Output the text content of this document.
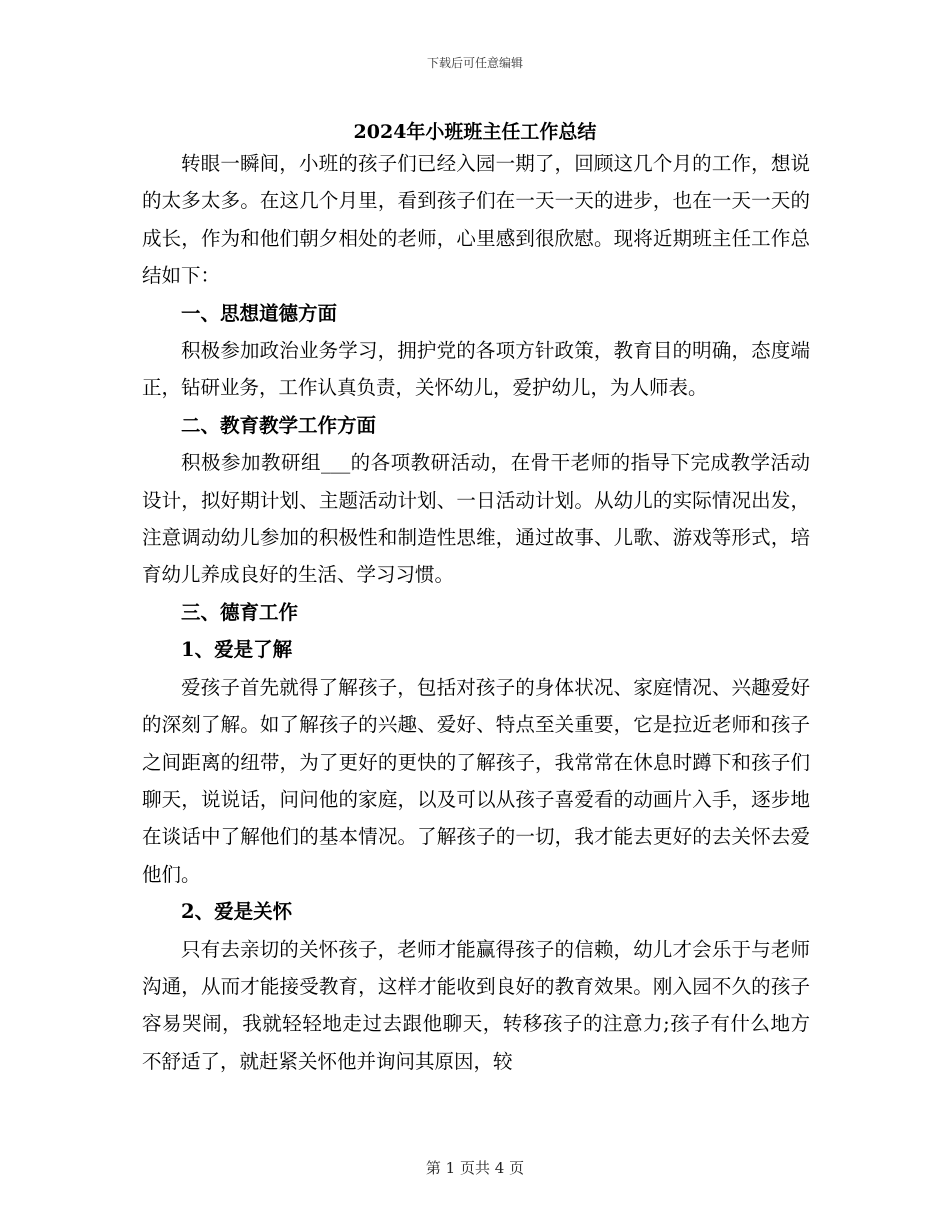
下载后可任意编辑
2024年小班班主任工作总结

转眼一瞬间，小班的孩子们已经入园一期了，回顾这几个月的工作，想说的太多太多。在这几个月里，看到孩子们在一天一天的进步，也在一天一天的成长，作为和他们朝夕相处的老师，心里感到很欣慰。现将近期班主任工作总结如下：

一、思想道德方面

积极参加政治业务学习，拥护党的各项方针政策，教育目的明确，态度端正，钻研业务，工作认真负责，关怀幼儿，爱护幼儿，为人师表。

二、教育教学工作方面

积极参加教研组___的各项教研活动，在骨干老师的指导下完成教学活动设计，拟好期计划、主题活动计划、一日活动计划。从幼儿的实际情况出发，注意调动幼儿参加的积极性和制造性思维，通过故事、儿歌、游戏等形式，培育幼儿养成良好的生活、学习习惯。

三、德育工作

1、爱是了解

爱孩子首先就得了解孩子，包括对孩子的身体状况、家庭情况、兴趣爱好的深刻了解。如了解孩子的兴趣、爱好、特点至关重要，它是拉近老师和孩子之间距离的纽带，为了更好的更快的了解孩子，我常常在休息时蹲下和孩子们聊天，说说话，问问他的家庭，以及可以从孩子喜爱看的动画片入手，逐步地在谈话中了解他们的基本情况。了解孩子的一切，我才能去更好的去关怀去爱他们。

2、爱是关怀

只有去亲切的关怀孩子，老师才能赢得孩子的信赖，幼儿才会乐于与老师沟通，从而才能接受教育，这样才能收到良好的教育效果。刚入园不久的孩子容易哭闹，我就轻轻地走过去跟他聊天，转移孩子的注意力;孩子有什么地方不舒适了，就赶紧关怀他并询问其原因，较

第 1 页共 4 页
